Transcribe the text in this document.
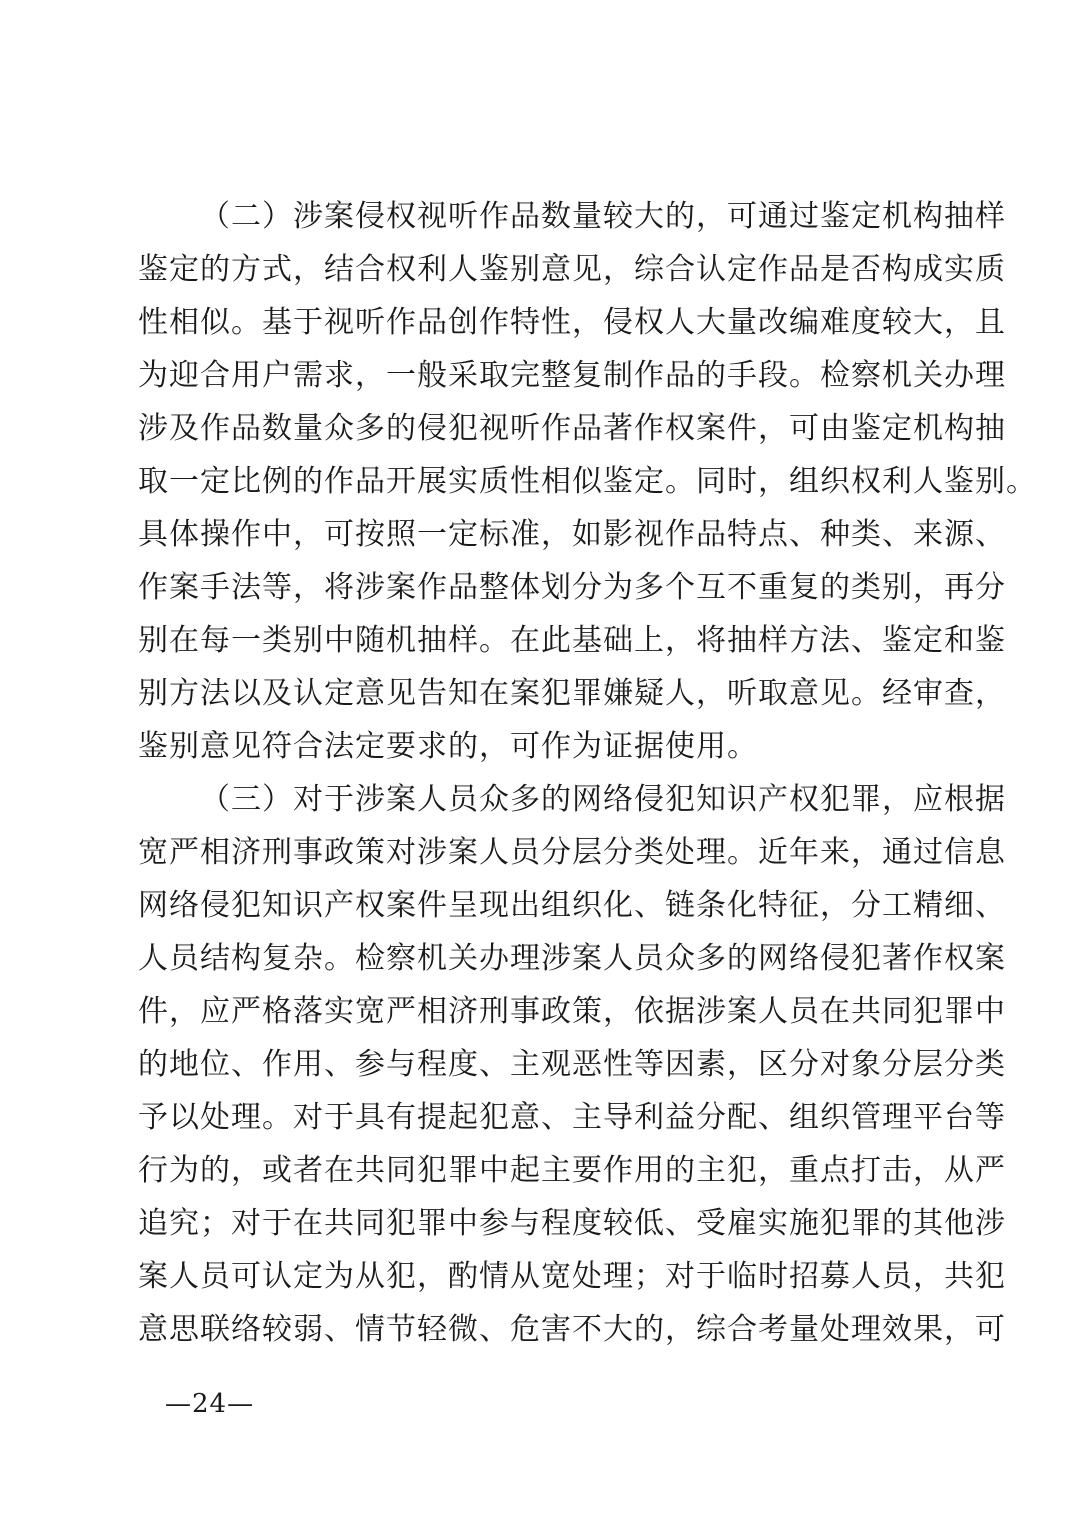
（二）涉案侵权视听作品数量较大的，可通过鉴定机构抽样
鉴定的方式，结合权利人鉴别意见，综合认定作品是否构成实质
性相似。基于视听作品创作特性，侵权人大量改编难度较大，且
为迎合用户需求，一般采取完整复制作品的手段。检察机关办理
涉及作品数量众多的侵犯视听作品著作权案件，可由鉴定机构抽
取一定比例的作品开展实质性相似鉴定。同时，组织权利人鉴别。
具体操作中，可按照一定标准，如影视作品特点、种类、来源、
作案手法等，将涉案作品整体划分为多个互不重复的类别，再分
别在每一类别中随机抽样。在此基础上，将抽样方法、鉴定和鉴
别方法以及认定意见告知在案犯罪嫌疑人，听取意见。经审查，
鉴别意见符合法定要求的，可作为证据使用。
（三）对于涉案人员众多的网络侵犯知识产权犯罪，应根据
宽严相济刑事政策对涉案人员分层分类处理。近年来，通过信息
网络侵犯知识产权案件呈现出组织化、链条化特征，分工精细、
人员结构复杂。检察机关办理涉案人员众多的网络侵犯著作权案
件，应严格落实宽严相济刑事政策，依据涉案人员在共同犯罪中
的地位、作用、参与程度、主观恶性等因素，区分对象分层分类
予以处理。对于具有提起犯意、主导利益分配、组织管理平台等
行为的，或者在共同犯罪中起主要作用的主犯，重点打击，从严
追究；对于在共同犯罪中参与程度较低、受雇实施犯罪的其他涉
案人员可认定为从犯，酌情从宽处理；对于临时招募人员，共犯
意思联络较弱、情节轻微、危害不大的，综合考量处理效果，可
—24—
